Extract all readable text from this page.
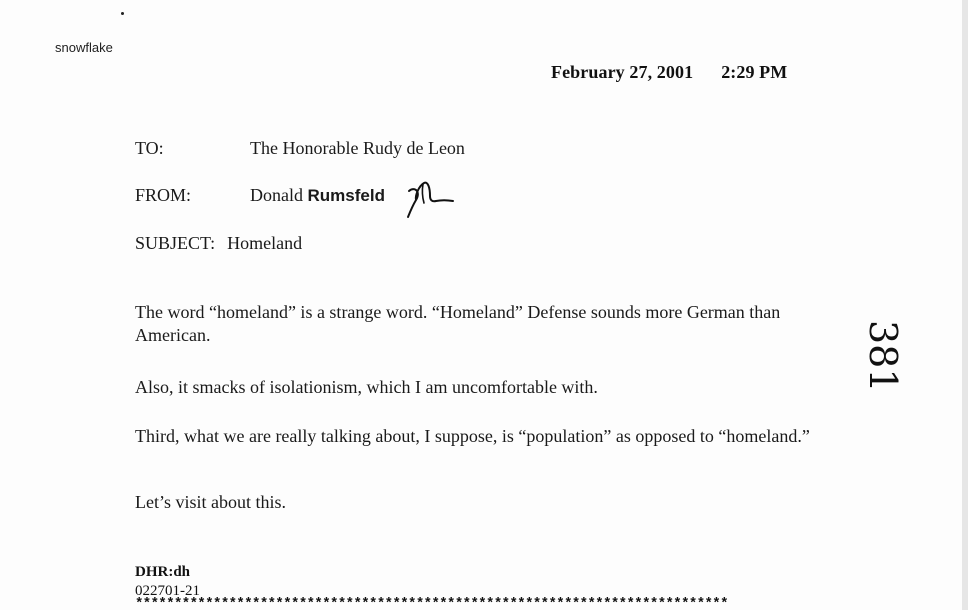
snowflake
February 27, 2001 2:29 PM
TO:	The Honorable Rudy de Leon
FROM:	Donald Rumsfeld
SUBJECT: Homeland
The word “homeland” is a strange word. “Homeland” Defense sounds more German than American.
Also, it smacks of isolationism, which I am uncomfortable with.
Third, what we are really talking about, I suppose, is “population” as opposed to “homeland.”
Let’s visit about this.
DHR:dh
022701-21
****************************************************************************
381
